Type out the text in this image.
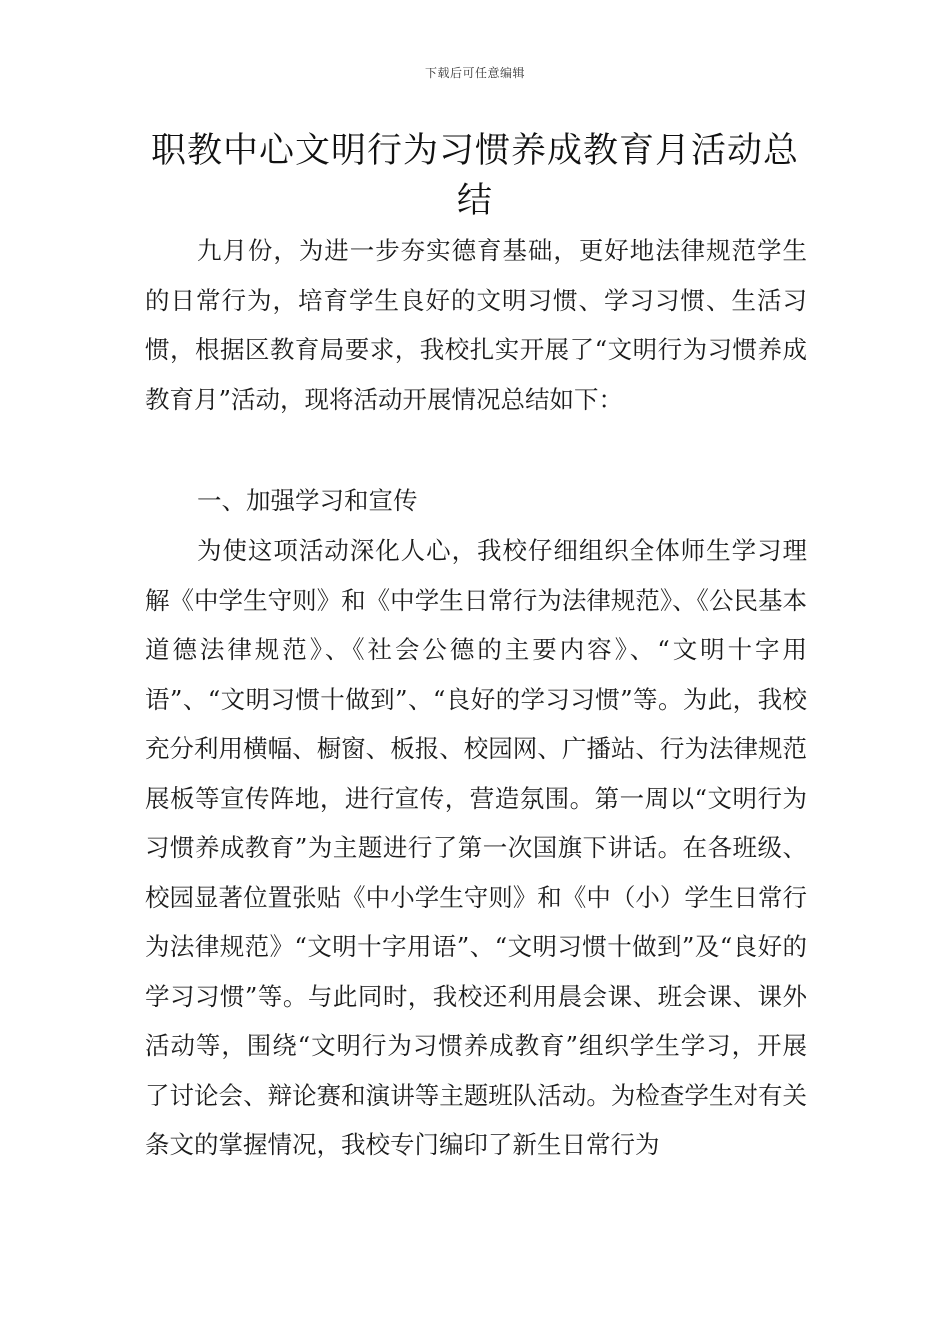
下载后可任意编辑
职教中心文明行为习惯养成教育月活动总结

九月份，为进一步夯实德育基础，更好地法律规范学生的日常行为，培育学生良好的文明习惯、学习习惯、生活习惯，根据区教育局要求，我校扎实开展了“文明行为习惯养成教育月”活动，现将活动开展情况总结如下：

一、加强学习和宣传

为使这项活动深化人心，我校仔细组织全体师生学习理解《中学生守则》和《中学生日常行为法律规范》、《公民基本道德法律规范》、《社会公德的主要内容》、“文明十字用语”、“文明习惯十做到”、“良好的学习习惯”等。为此，我校充分利用横幅、橱窗、板报、校园网、广播站、行为法律规范展板等宣传阵地，进行宣传，营造氛围。第一周以“文明行为习惯养成教育”为主题进行了第一次国旗下讲话。在各班级、校园显著位置张贴《中小学生守则》和《中（小）学生日常行为法律规范》“文明十字用语”、“文明习惯十做到”及“良好的学习习惯”等。与此同时，我校还利用晨会课、班会课、课外活动等，围绕“文明行为习惯养成教育”组织学生学习，开展了讨论会、辩论赛和演讲等主题班队活动。为检查学生对有关条文的掌握情况，我校专门编印了新生日常行为
